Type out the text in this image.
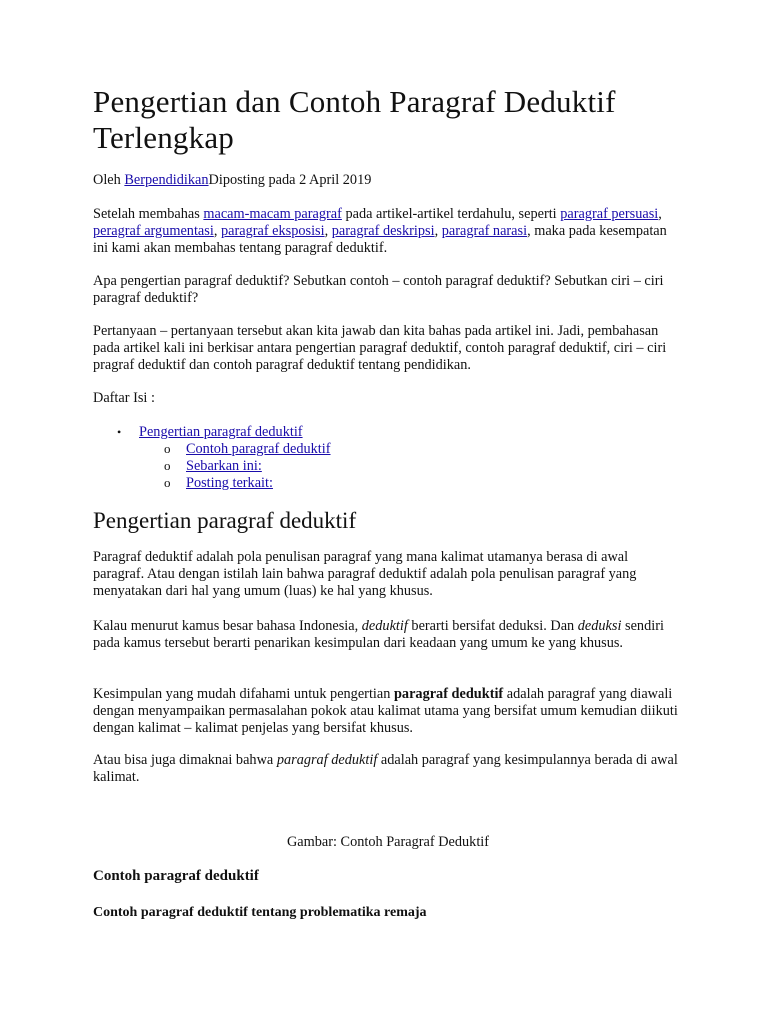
Pengertian dan Contoh Paragraf Deduktif Terlengkap

Oleh BerpendidikanDiposting pada 2 April 2019

Setelah membahas macam-macam paragraf pada artikel-artikel terdahulu, seperti paragraf persuasi, peragraf argumentasi, paragraf eksposisi, paragraf deskripsi, paragraf narasi, maka pada kesempatan ini kami akan membahas tentang paragraf deduktif.

Apa pengertian paragraf deduktif? Sebutkan contoh – contoh paragraf deduktif? Sebutkan ciri – ciri paragraf deduktif?

Pertanyaan – pertanyaan tersebut akan kita jawab dan kita bahas pada artikel ini. Jadi, pembahasan pada artikel kali ini berkisar antara pengertian paragraf deduktif, contoh paragraf deduktif, ciri – ciri pragraf deduktif dan contoh paragraf deduktif tentang pendidikan.

Daftar Isi :

• Pengertian paragraf deduktif
o Contoh paragraf deduktif
o Sebarkan ini:
o Posting terkait:
Pengertian paragraf deduktif

Paragraf deduktif adalah pola penulisan paragraf yang mana kalimat utamanya berasa di awal paragraf. Atau dengan istilah lain bahwa paragraf deduktif adalah pola penulisan paragraf yang menyatakan dari hal yang umum (luas) ke hal yang khusus.

Kalau menurut kamus besar bahasa Indonesia, deduktif berarti bersifat deduksi. Dan deduksi sendiri pada kamus tersebut berarti penarikan kesimpulan dari keadaan yang umum ke yang khusus.

Kesimpulan yang mudah difahami untuk pengertian paragraf deduktif adalah paragraf yang diawali dengan menyampaikan permasalahan pokok atau kalimat utama yang bersifat umum kemudian diikuti dengan kalimat – kalimat penjelas yang bersifat khusus.

Atau bisa juga dimaknai bahwa paragraf deduktif adalah paragraf yang kesimpulannya berada di awal kalimat.

Gambar: Contoh Paragraf Deduktif

Contoh paragraf deduktif

Contoh paragraf deduktif tentang problematika remaja
